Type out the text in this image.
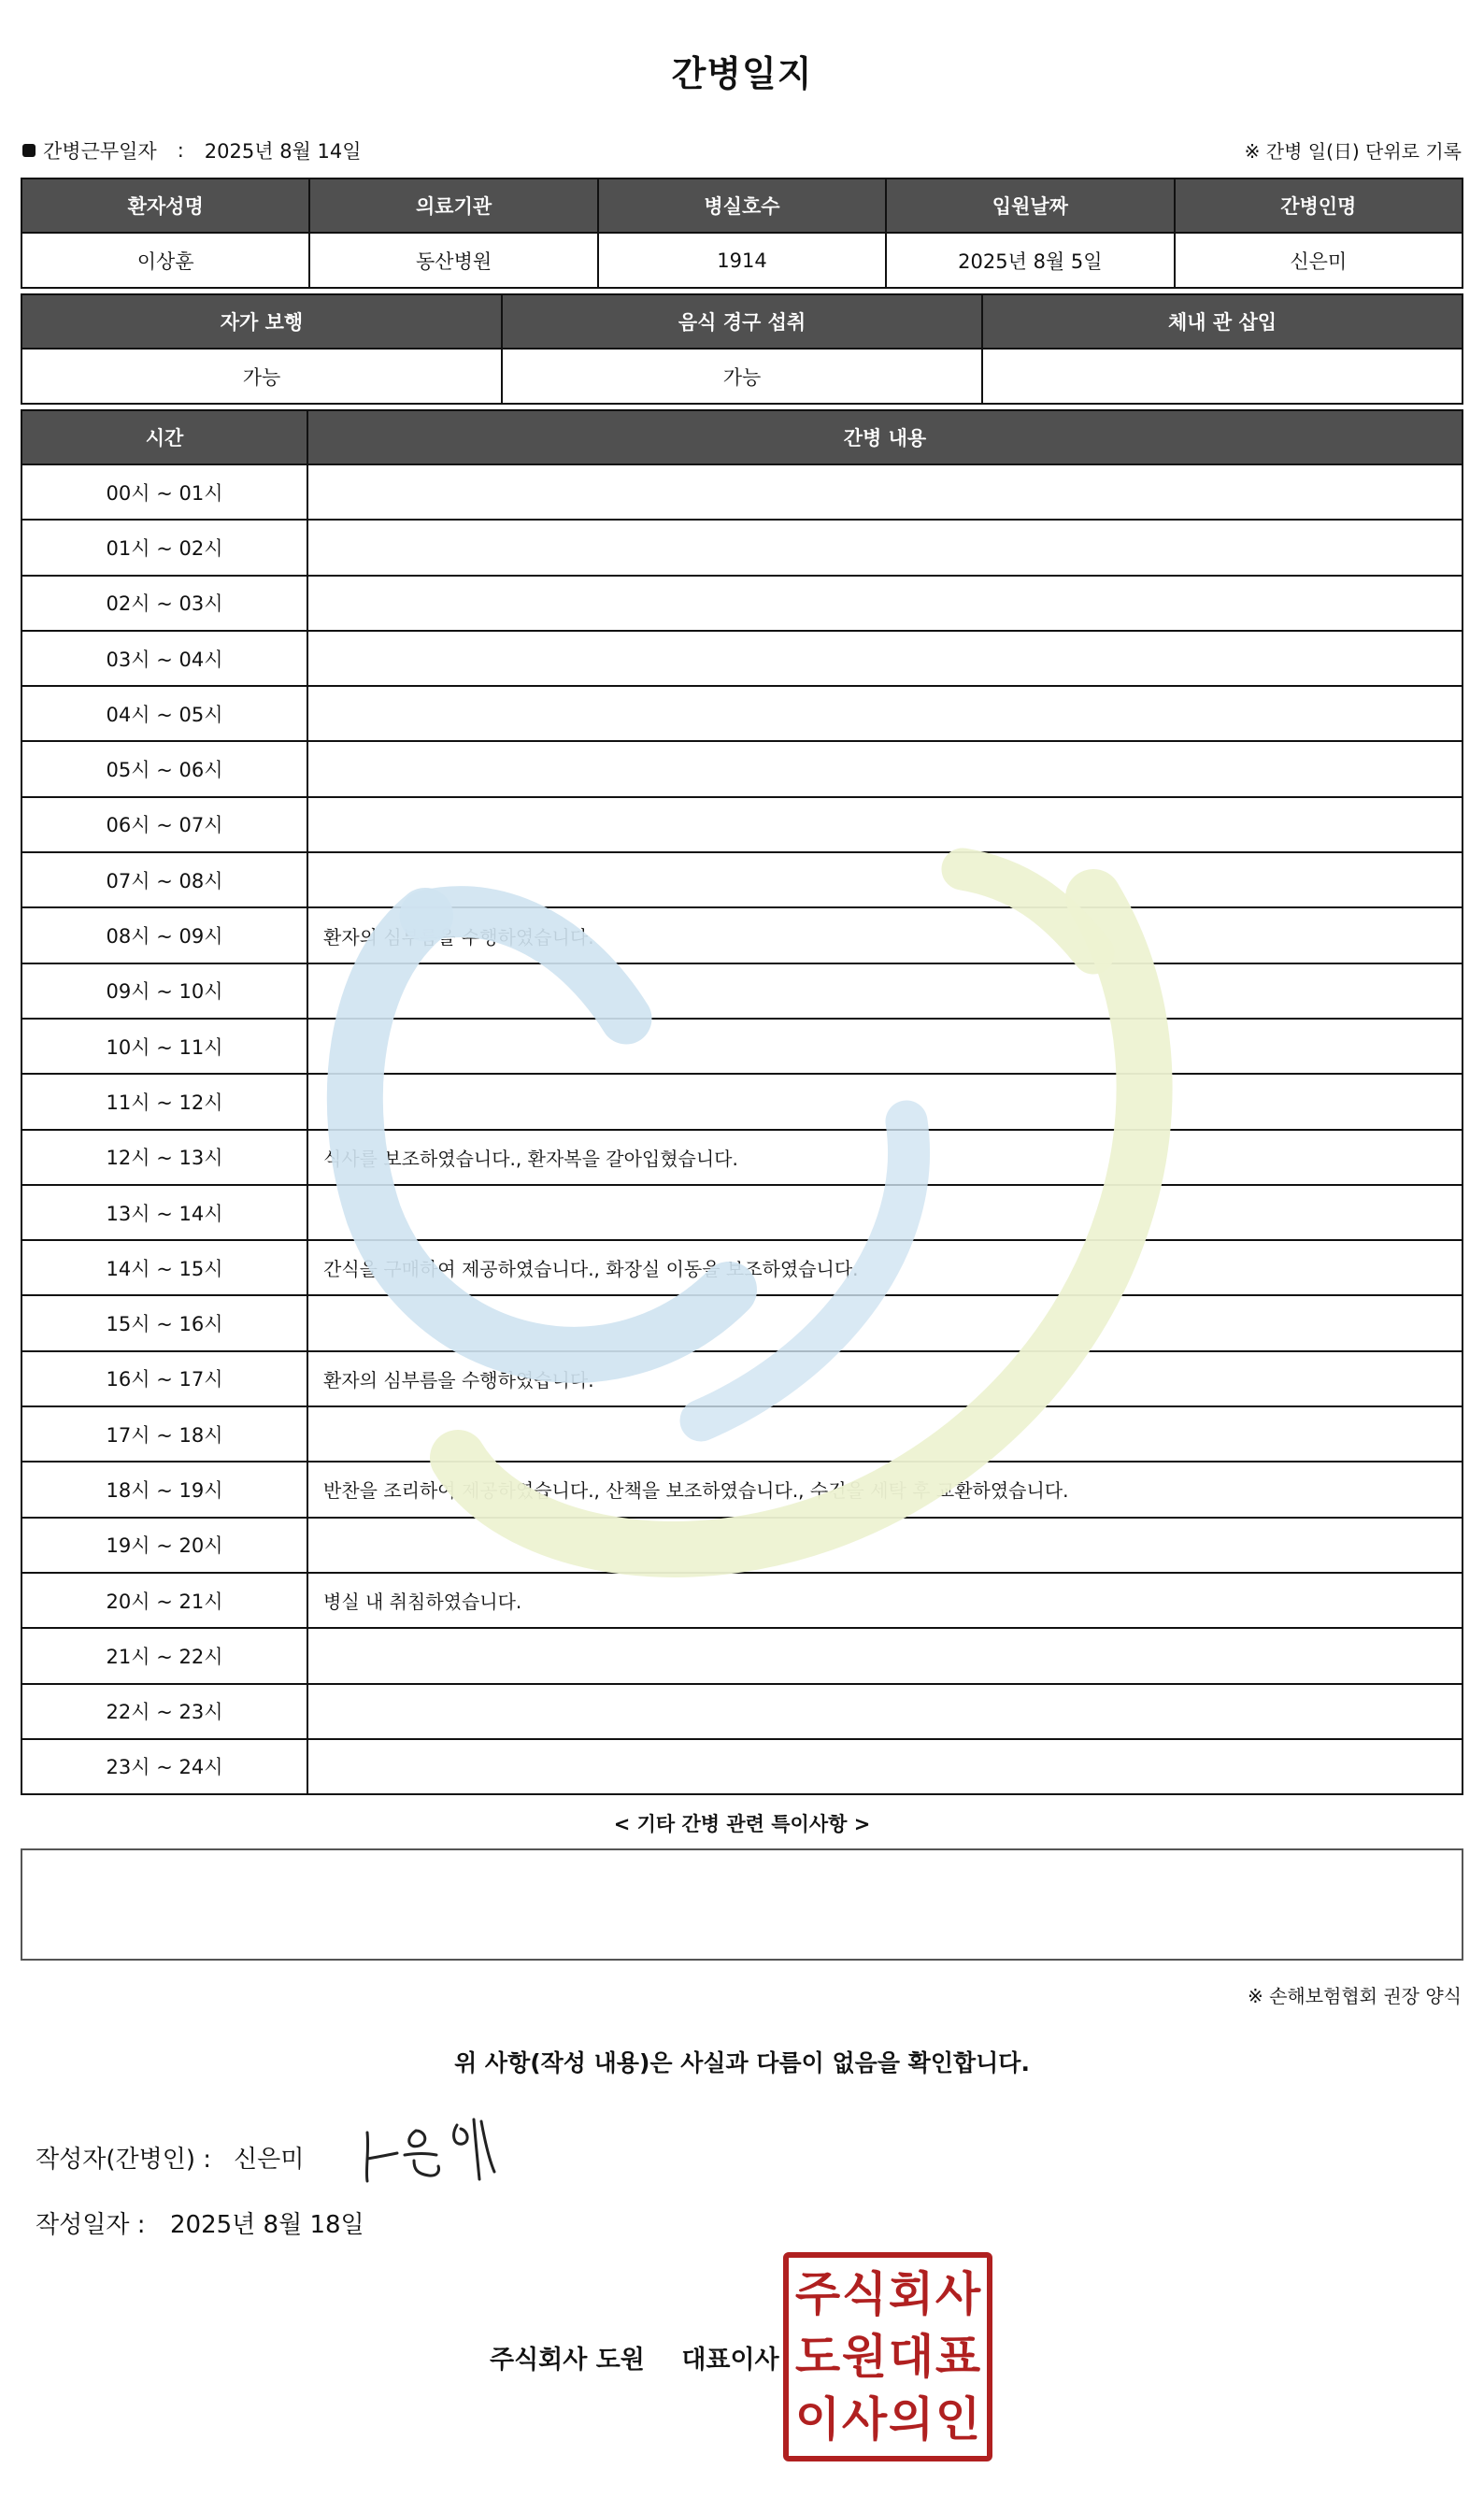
간병일지
간병근무일자 : 2025년 8월 14일	※ 간병 일(日) 단위로 기록
환자성명	의료기관	병실호수	입원날짜	간병인명
이상훈	동산병원	1914	2025년 8월 5일	신은미
자가 보행	음식 경구 섭취	체내 관 삽입
가능	가능	
시간	간병 내용
00시 ~ 01시	
01시 ~ 02시	
02시 ~ 03시	
03시 ~ 04시	
04시 ~ 05시	
05시 ~ 06시	
06시 ~ 07시	
07시 ~ 08시	
08시 ~ 09시	환자의 심부름을 수행하였습니다.
09시 ~ 10시	
10시 ~ 11시	
11시 ~ 12시	
12시 ~ 13시	식사를 보조하였습니다., 환자복을 갈아입혔습니다.
13시 ~ 14시	
14시 ~ 15시	간식을 구매하여 제공하였습니다., 화장실 이동을 보조하였습니다.
15시 ~ 16시	
16시 ~ 17시	환자의 심부름을 수행하였습니다.
17시 ~ 18시	
18시 ~ 19시	반찬을 조리하여 제공하였습니다., 산책을 보조하였습니다., 수건을 세탁 후 교환하였습니다.
19시 ~ 20시	
20시 ~ 21시	병실 내 취침하였습니다.
21시 ~ 22시	
22시 ~ 23시	
23시 ~ 24시	
< 기타 간병 관련 특이사항 >
※ 손해보험협회 권장 양식
위 사항(작성 내용)은 사실과 다름이 없음을 확인합니다.
작성자(간병인) : 신은미
작성일자 :	2025년 8월 18일
주식회사 도원 대표이사
주 식 회 사
도 원 대 표
이 사 의 인
